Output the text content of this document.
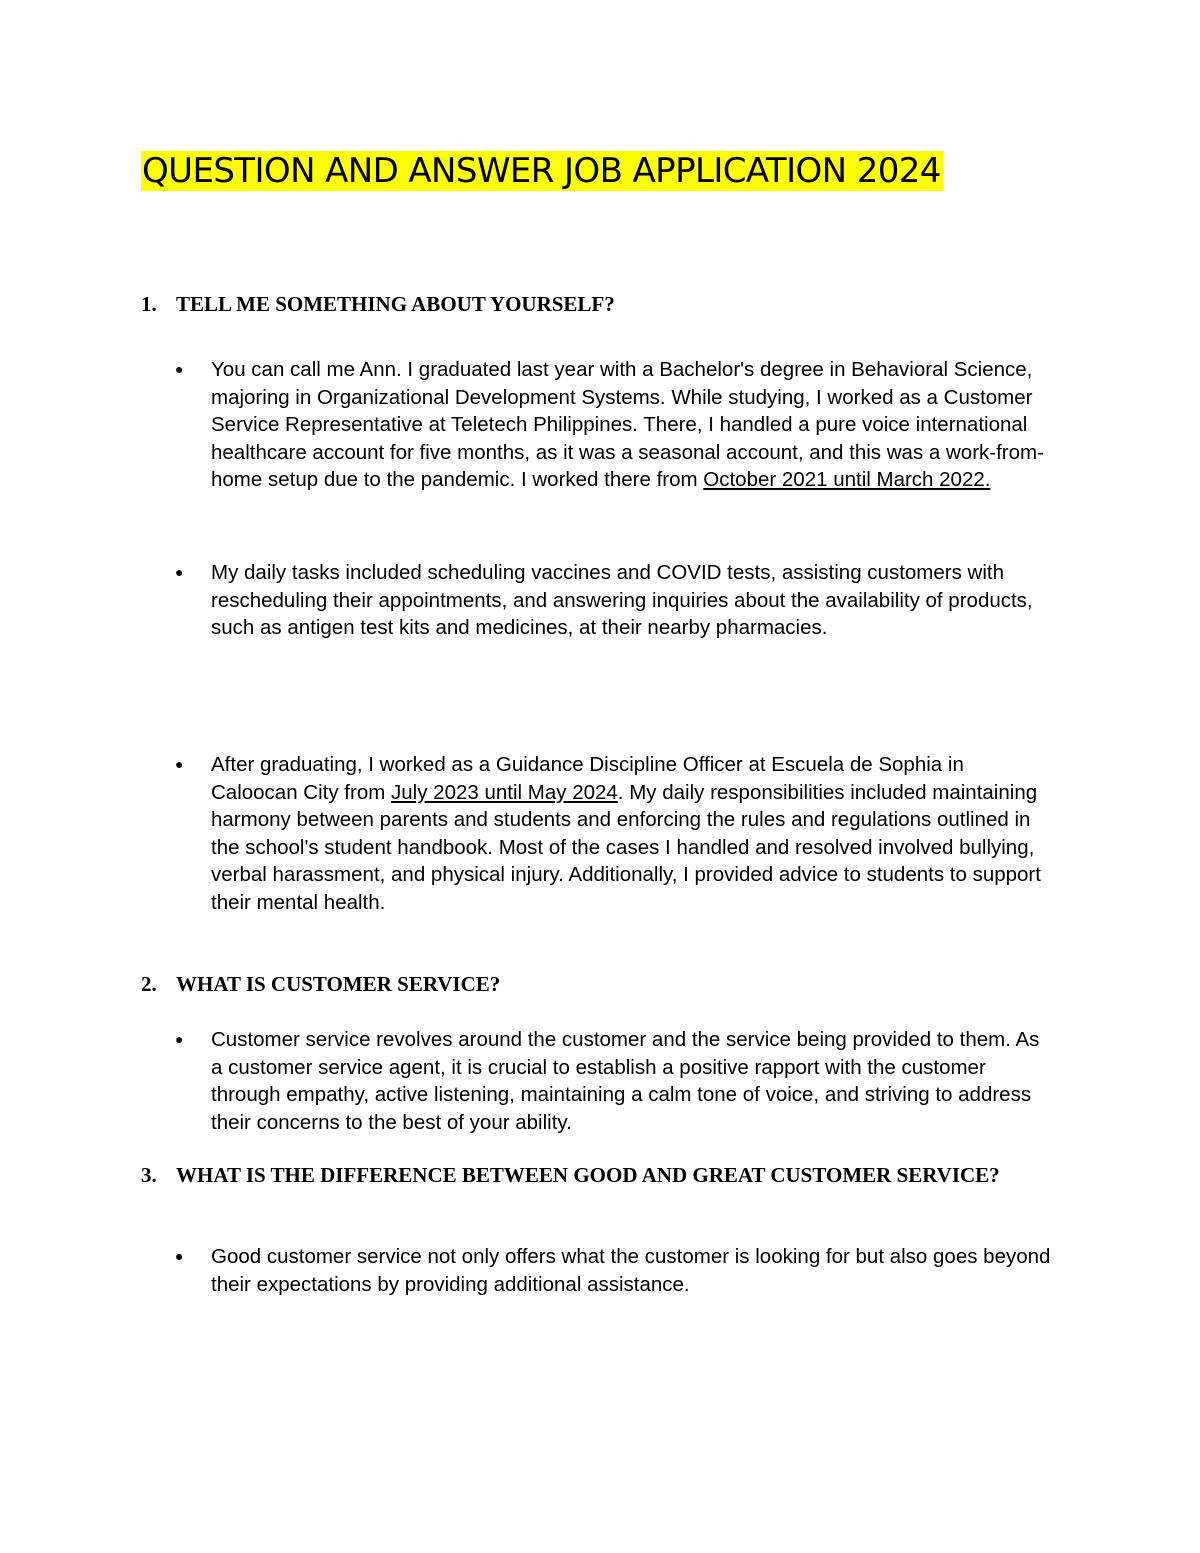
QUESTION AND ANSWER JOB APPLICATION 2024
1. TELL ME SOMETHING ABOUT YOURSELF?
● You can call me Ann. I graduated last year with a Bachelor's degree in Behavioral Science, majoring in Organizational Development Systems. While studying, I worked as a Customer Service Representative at Teletech Philippines. There, I handled a pure voice international healthcare account for five months, as it was a seasonal account, and this was a work-from-home setup due to the pandemic. I worked there from October 2021 until March 2022.
● My daily tasks included scheduling vaccines and COVID tests, assisting customers with rescheduling their appointments, and answering inquiries about the availability of products, such as antigen test kits and medicines, at their nearby pharmacies.
● After graduating, I worked as a Guidance Discipline Officer at Escuela de Sophia in Caloocan City from July 2023 until May 2024. My daily responsibilities included maintaining harmony between parents and students and enforcing the rules and regulations outlined in the school's student handbook. Most of the cases I handled and resolved involved bullying, verbal harassment, and physical injury. Additionally, I provided advice to students to support their mental health.
2. WHAT IS CUSTOMER SERVICE?
● Customer service revolves around the customer and the service being provided to them. As a customer service agent, it is crucial to establish a positive rapport with the customer through empathy, active listening, maintaining a calm tone of voice, and striving to address their concerns to the best of your ability.
3. WHAT IS THE DIFFERENCE BETWEEN GOOD AND GREAT CUSTOMER SERVICE?
● Good customer service not only offers what the customer is looking for but also goes beyond their expectations by providing additional assistance.
